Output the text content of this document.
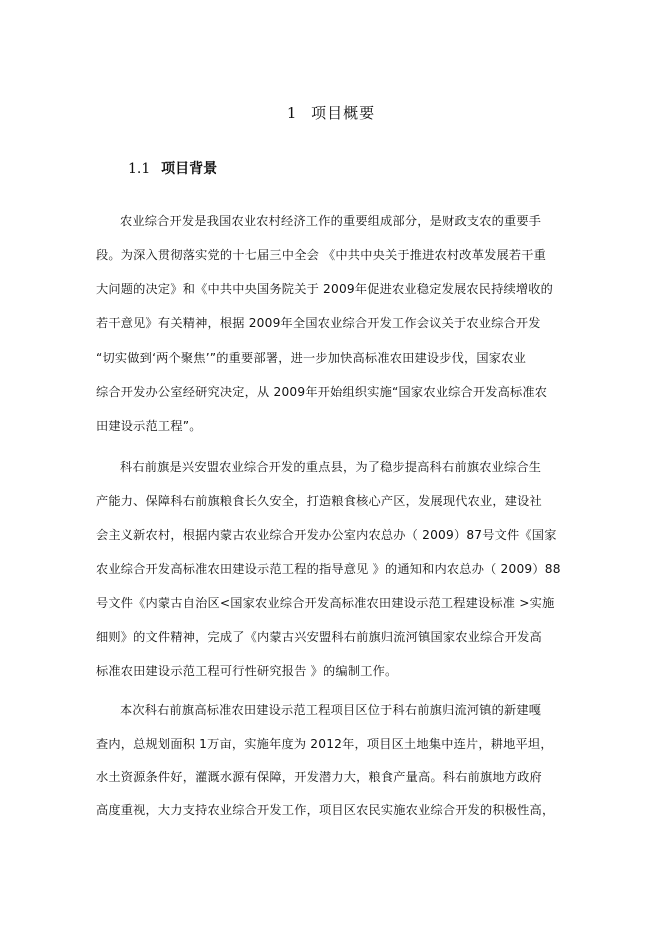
1 项目概要
1.1 项目背景
农业综合开发是我国农业农村经济工作的重要组成部分，是财政支农的重要手
段。为深入贯彻落实党的十七届三中全会 《中共中央关于推进农村改革发展若干重
大问题的决定》和《中共中央国务院关于 2009年促进农业稳定发展农民持续增收的
若干意见》有关精神，根据 2009年全国农业综合开发工作会议关于农业综合开发
“切实做到‘两个聚焦’”的重要部署，进一步加快高标准农田建设步伐，国家农业
综合开发办公室经研究决定，从 2009年开始组织实施“国家农业综合开发高标准农
田建设示范工程”。
科右前旗是兴安盟农业综合开发的重点县，为了稳步提高科右前旗农业综合生
产能力、保障科右前旗粮食长久安全，打造粮食核心产区，发展现代农业，建设社
会主义新农村，根据内蒙古农业综合开发办公室内农总办（ 2009）87号文件《国家
农业综合开发高标准农田建设示范工程的指导意见 》的通知和内农总办（ 2009）88
号文件《内蒙古自治区<国家农业综合开发高标准农田建设示范工程建设标准 >实施
细则》的文件精神，完成了《内蒙古兴安盟科右前旗归流河镇国家农业综合开发高
标准农田建设示范工程可行性研究报告 》的编制工作。
本次科右前旗高标准农田建设示范工程项目区位于科右前旗归流河镇的新建嘎
查内，总规划面积 1万亩，实施年度为 2012年，项目区土地集中连片，耕地平坦，
水土资源条件好，灌溉水源有保障，开发潜力大，粮食产量高。科右前旗地方政府
高度重视，大力支持农业综合开发工作，项目区农民实施农业综合开发的积极性高，
